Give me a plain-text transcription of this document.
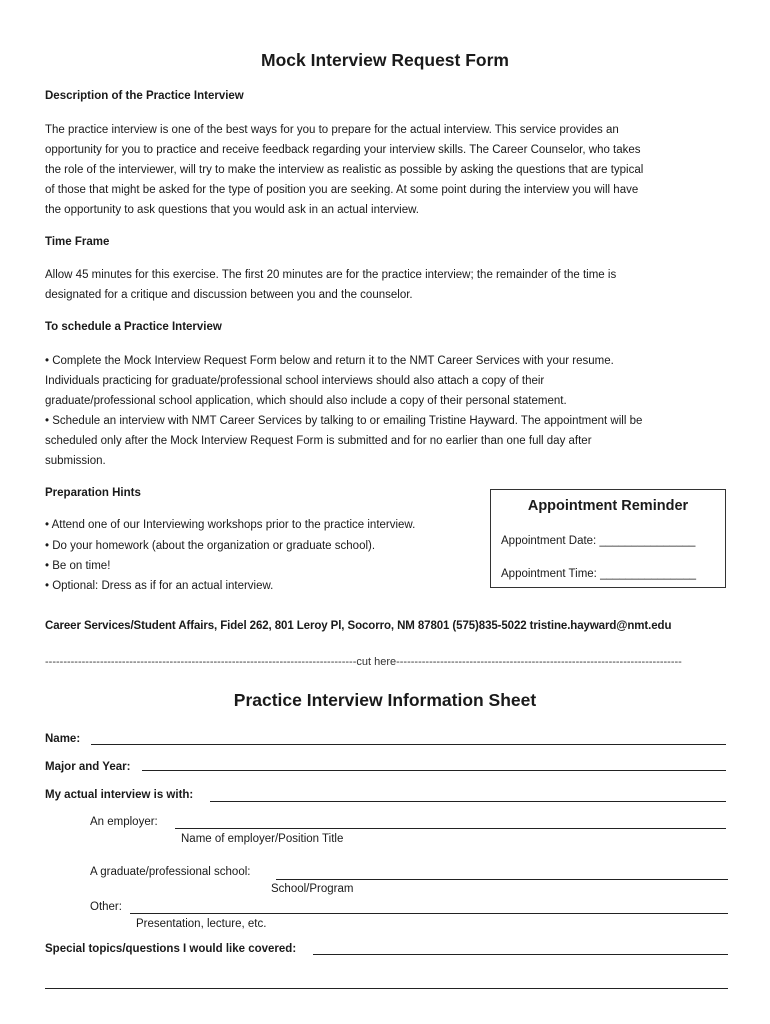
Mock Interview Request Form
Description of the Practice Interview
The practice interview is one of the best ways for you to prepare for the actual interview. This service provides an
opportunity for you to practice and receive feedback regarding your interview skills. The Career Counselor, who takes
the role of the interviewer, will try to make the interview as realistic as possible by asking the questions that are typical
of those that might be asked for the type of position you are seeking. At some point during the interview you will have
the opportunity to ask questions that you would ask in an actual interview.
Time Frame
Allow 45 minutes for this exercise. The first 20 minutes are for the practice interview; the remainder of the time is
designated for a critique and discussion between you and the counselor.
To schedule a Practice Interview
• Complete the Mock Interview Request Form below and return it to the NMT Career Services with your resume.
Individuals practicing for graduate/professional school interviews should also attach a copy of their
graduate/professional school application, which should also include a copy of their personal statement.
• Schedule an interview with NMT Career Services by talking to or emailing Tristine Hayward. The appointment will be
scheduled only after the Mock Interview Request Form is submitted and for no earlier than one full day after
submission.
Preparation Hints
• Attend one of our Interviewing workshops prior to the practice interview.
• Do your homework (about the organization or graduate school).
• Be on time!
• Optional: Dress as if for an actual interview.
Appointment Reminder
Appointment Date: _______________
Appointment Time: _______________
Career Services/Student Affairs, Fidel 262, 801 Leroy Pl, Socorro, NM 87801 (575)835-5022 tristine.hayward@nmt.edu
-------------------------------------------------------------------------------------cut here------------------------------------------------------------------------------
Practice Interview Information Sheet
Name:
Major and Year:
My actual interview is with:
An employer:
Name of employer/Position Title
A graduate/professional school:
School/Program
Other:
Presentation, lecture, etc.
Special topics/questions I would like covered:
